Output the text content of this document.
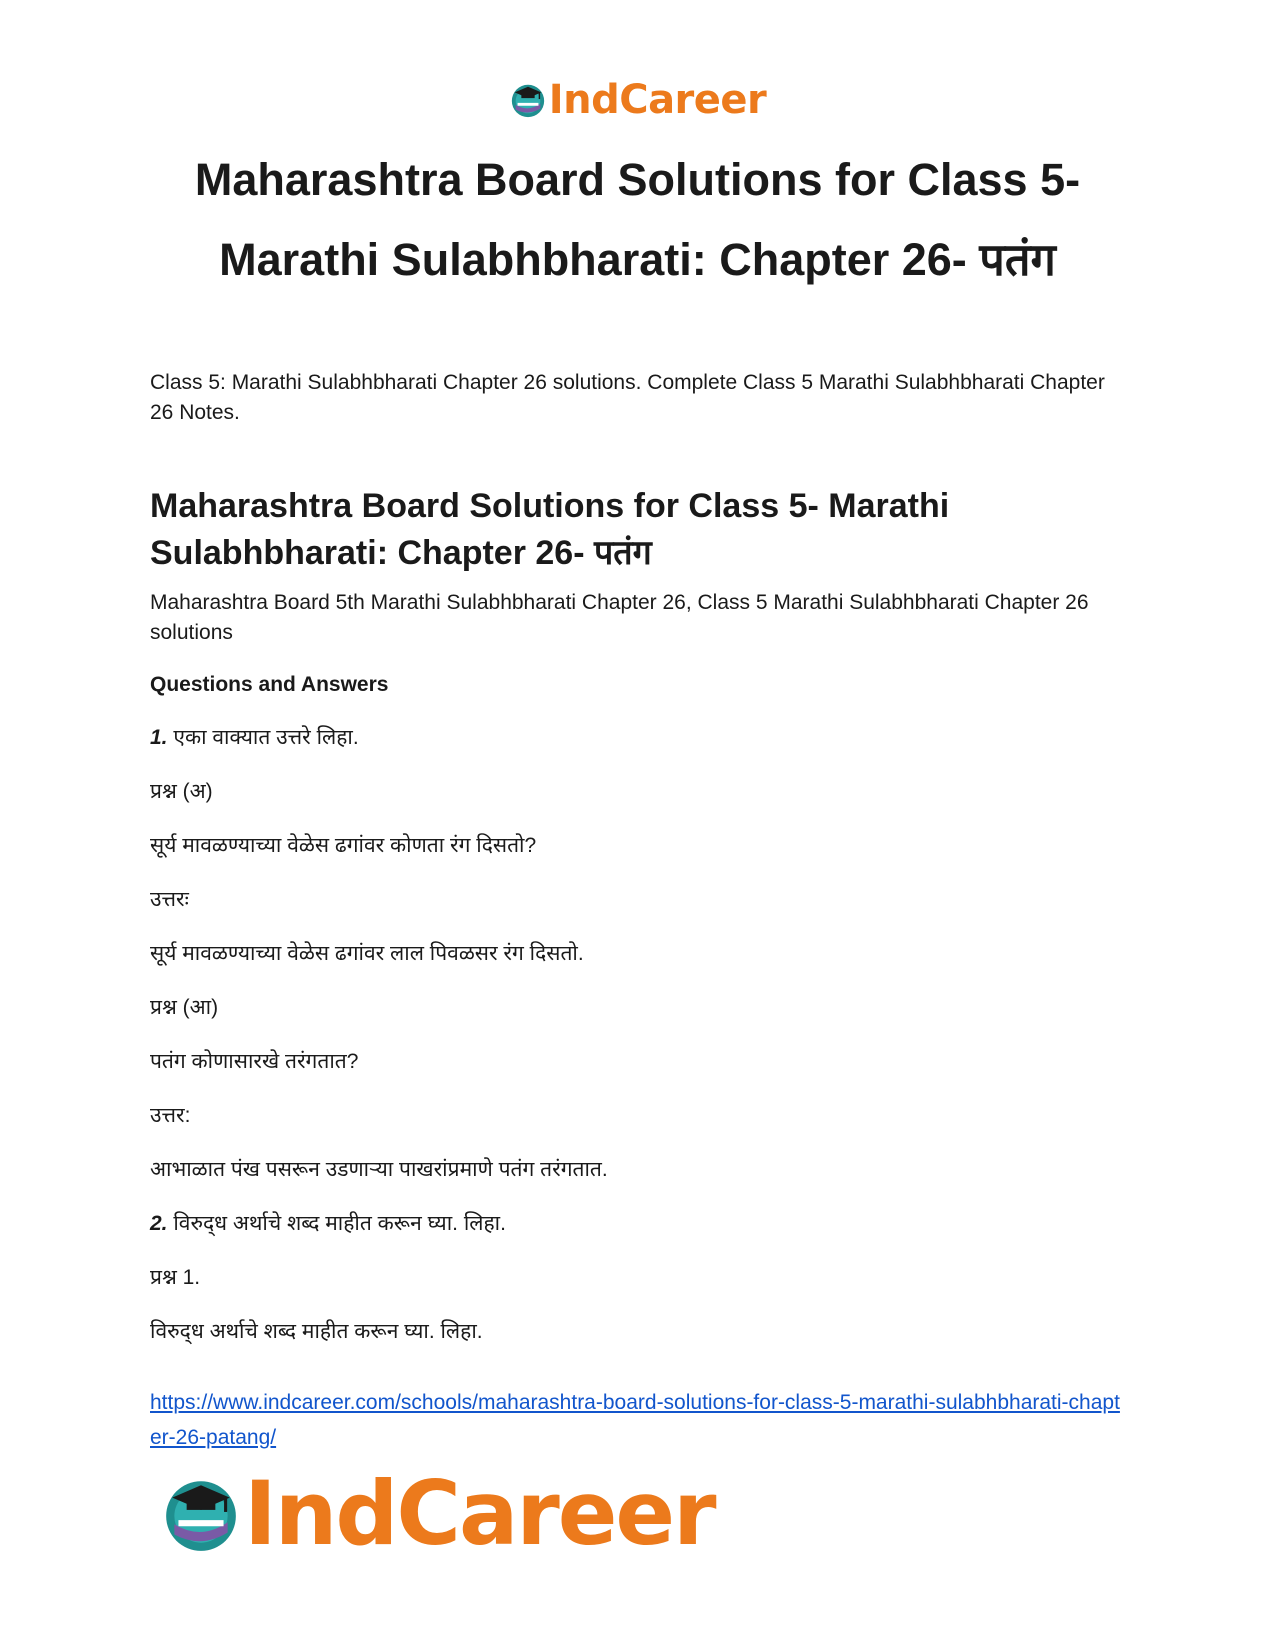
IndCareer
Maharashtra Board Solutions for Class 5-
Marathi Sulabhbharati: Chapter 26- पतंग

Class 5: Marathi Sulabhbharati Chapter 26 solutions. Complete Class 5 Marathi Sulabhbharati Chapter 26 Notes.

Maharashtra Board Solutions for Class 5- Marathi Sulabhbharati: Chapter 26- पतंग

Maharashtra Board 5th Marathi Sulabhbharati Chapter 26, Class 5 Marathi Sulabhbharati Chapter 26 solutions

Questions and Answers

1. एका वाक्यात उत्तरे लिहा.

प्रश्न (अ)

सूर्य मावळण्याच्या वेळेस ढगांवर कोणता रंग दिसतो?

उत्तरः

सूर्य मावळण्याच्या वेळेस ढगांवर लाल पिवळसर रंग दिसतो.

प्रश्न (आ)

पतंग कोणासारखे तरंगतात?

उत्तर:

आभाळात पंख पसरून उडणाऱ्या पाखरांप्रमाणे पतंग तरंगतात.

2. विरुद्‌ध अर्थाचे शब्द माहीत करून घ्या. लिहा.

प्रश्न 1.

विरुद्‌ध अर्थाचे शब्द माहीत करून घ्या. लिहा.

https://www.indcareer.com/schools/maharashtra-board-solutions-for-class-5-marathi-sulabhbharati-chapter-26-patang/
IndCareer
